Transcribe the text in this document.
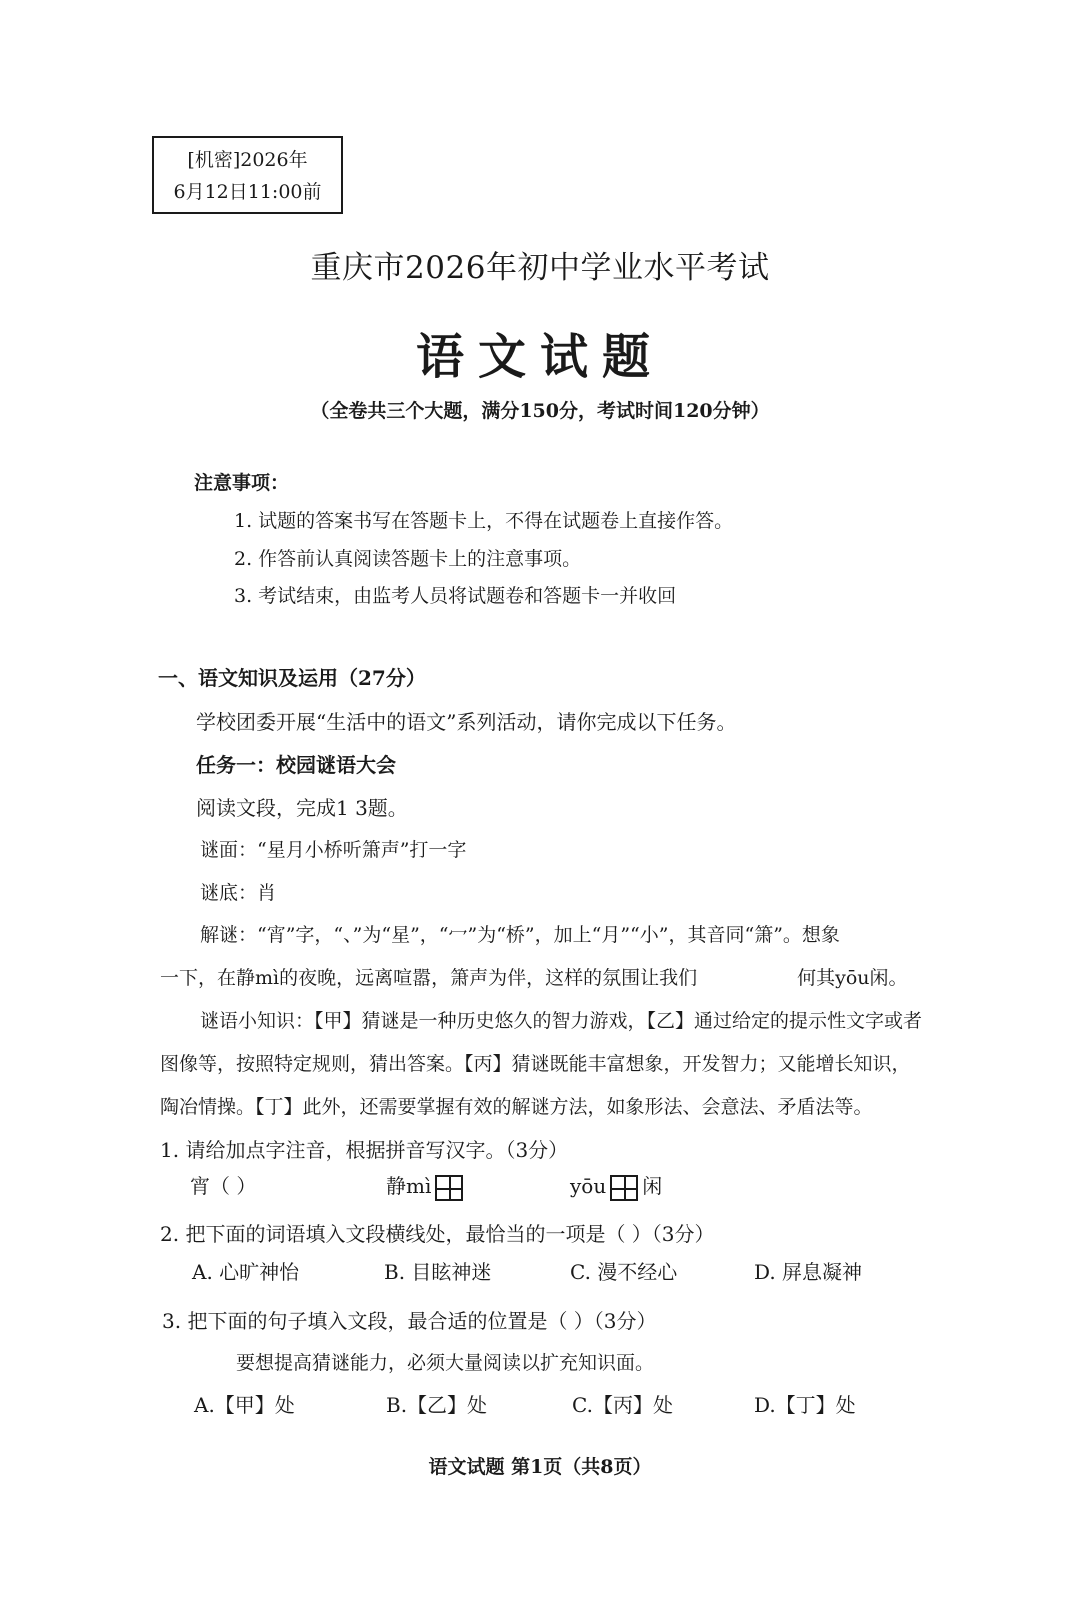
[机密]2026年
6月12日11:00前
重庆市2026年初中学业水平考试
语文试题
（全卷共三个大题，满分150分，考试时间120分钟）
注意事项：
1. 试题的答案书写在答题卡上，不得在试题卷上直接作答。
2. 作答前认真阅读答题卡上的注意事项。
3. 考试结束，由监考人员将试题卷和答题卡一并收回
一、语文知识及运用（27分）
学校团委开展“生活中的语文”系列活动，请你完成以下任务。
任务一：校园谜语大会
阅读文段，完成1 3题。
谜面：“星月小桥听箫声”打一字
谜底：肖
解谜：“宵”字，“、”为“星”，“冖”为“桥”，加上“月”“小”，其音同“箫”。想象
一下，在静mì的夜晚，远离喧嚣，箫声为伴，这样的氛围让我们	何其yōu闲。
谜语小知识：【甲】猜谜是一种历史悠久的智力游戏，【乙】通过给定的提示性文字或者
图像等，按照特定规则，猜出答案。【丙】猜谜既能丰富想象，开发智力；又能增长知识，
陶冶情操。【丁】此外，还需要掌握有效的解谜方法，如象形法、会意法、矛盾法等。
1. 请给加点字注音，根据拼音写汉字。（3分）
宵（ ）	静mì	yōu 闲
2. 把下面的词语填入文段横线处，最恰当的一项是（ ）（3分）
A. 心旷神怡	B. 目眩神迷	C. 漫不经心	D. 屏息凝神
3. 把下面的句子填入文段，最合适的位置是（ ）（3分）
要想提高猜谜能力，必须大量阅读以扩充知识面。
A.【甲】处	B.【乙】处	C.【丙】处	D.【丁】处
语文试题 第1页（共8页）
